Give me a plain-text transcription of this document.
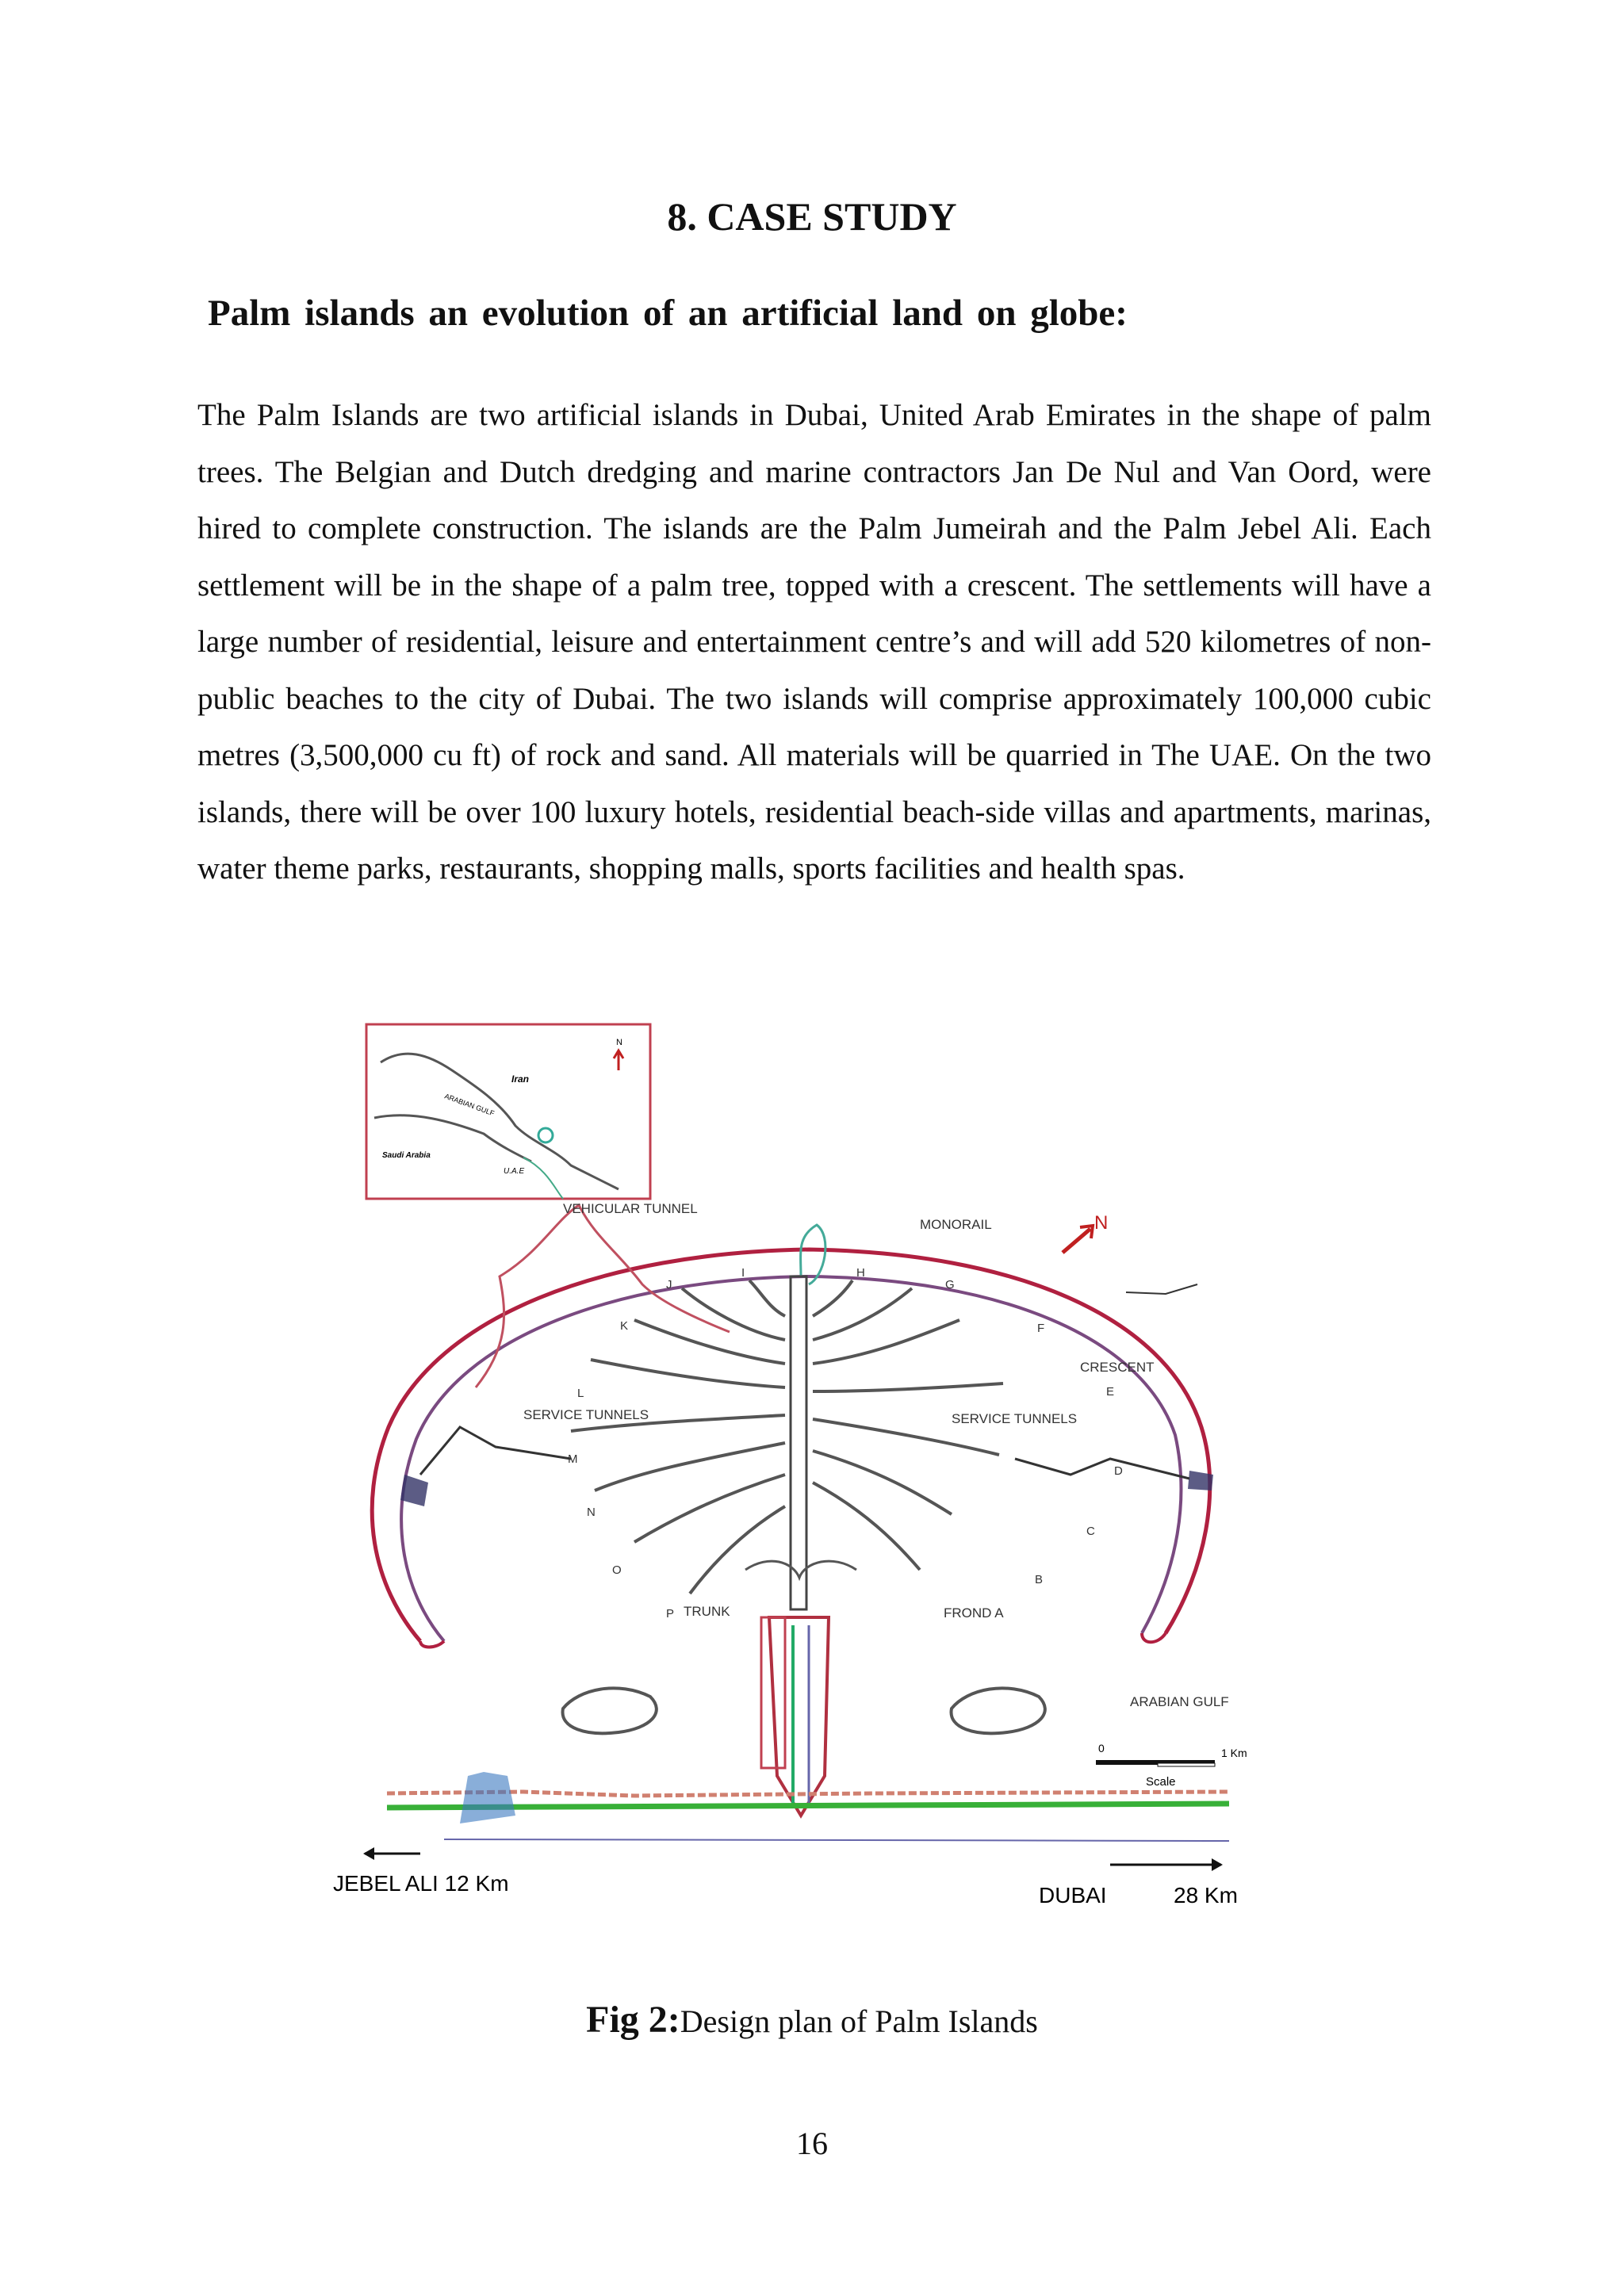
8. CASE STUDY
Palm islands an evolution of an artificial land on globe:
The Palm Islands are two artificial islands in Dubai, United Arab Emirates in the shape of palm trees. The Belgian and Dutch dredging and marine contractors Jan De Nul and Van Oord, were hired to complete construction. The islands are the Palm Jumeirah and the Palm Jebel Ali. Each settlement will be in the shape of a palm tree, topped with a crescent. The settlements will have a large number of residential, leisure and entertainment centre’s and will add 520 kilometres of non-public beaches to the city of Dubai. The two islands will comprise approximately 100,000 cubic metres (3,500,000 cu ft) of rock and sand. All materials will be quarried in The UAE. On the two islands, there will be over 100 luxury hotels, residential beach-side villas and apartments, marinas, water theme parks, restaurants, shopping malls, sports facilities and health spas.
Iran
ARABIAN GULF
Saudi Arabia
U.A.E
N
I
J
K
L
M
N
O
P
H
G
F
E
D
C
B
VEHICULAR TUNNEL
MONORAIL
CRESCENT
SERVICE TUNNELS	SERVICE TUNNELS
TRUNK	FROND A
ARABIAN GULF
N
0	1 Km
Scale
JEBEL ALI 12 Km	DUBAI	28 Km
Fig 2:Design plan of Palm Islands
16
